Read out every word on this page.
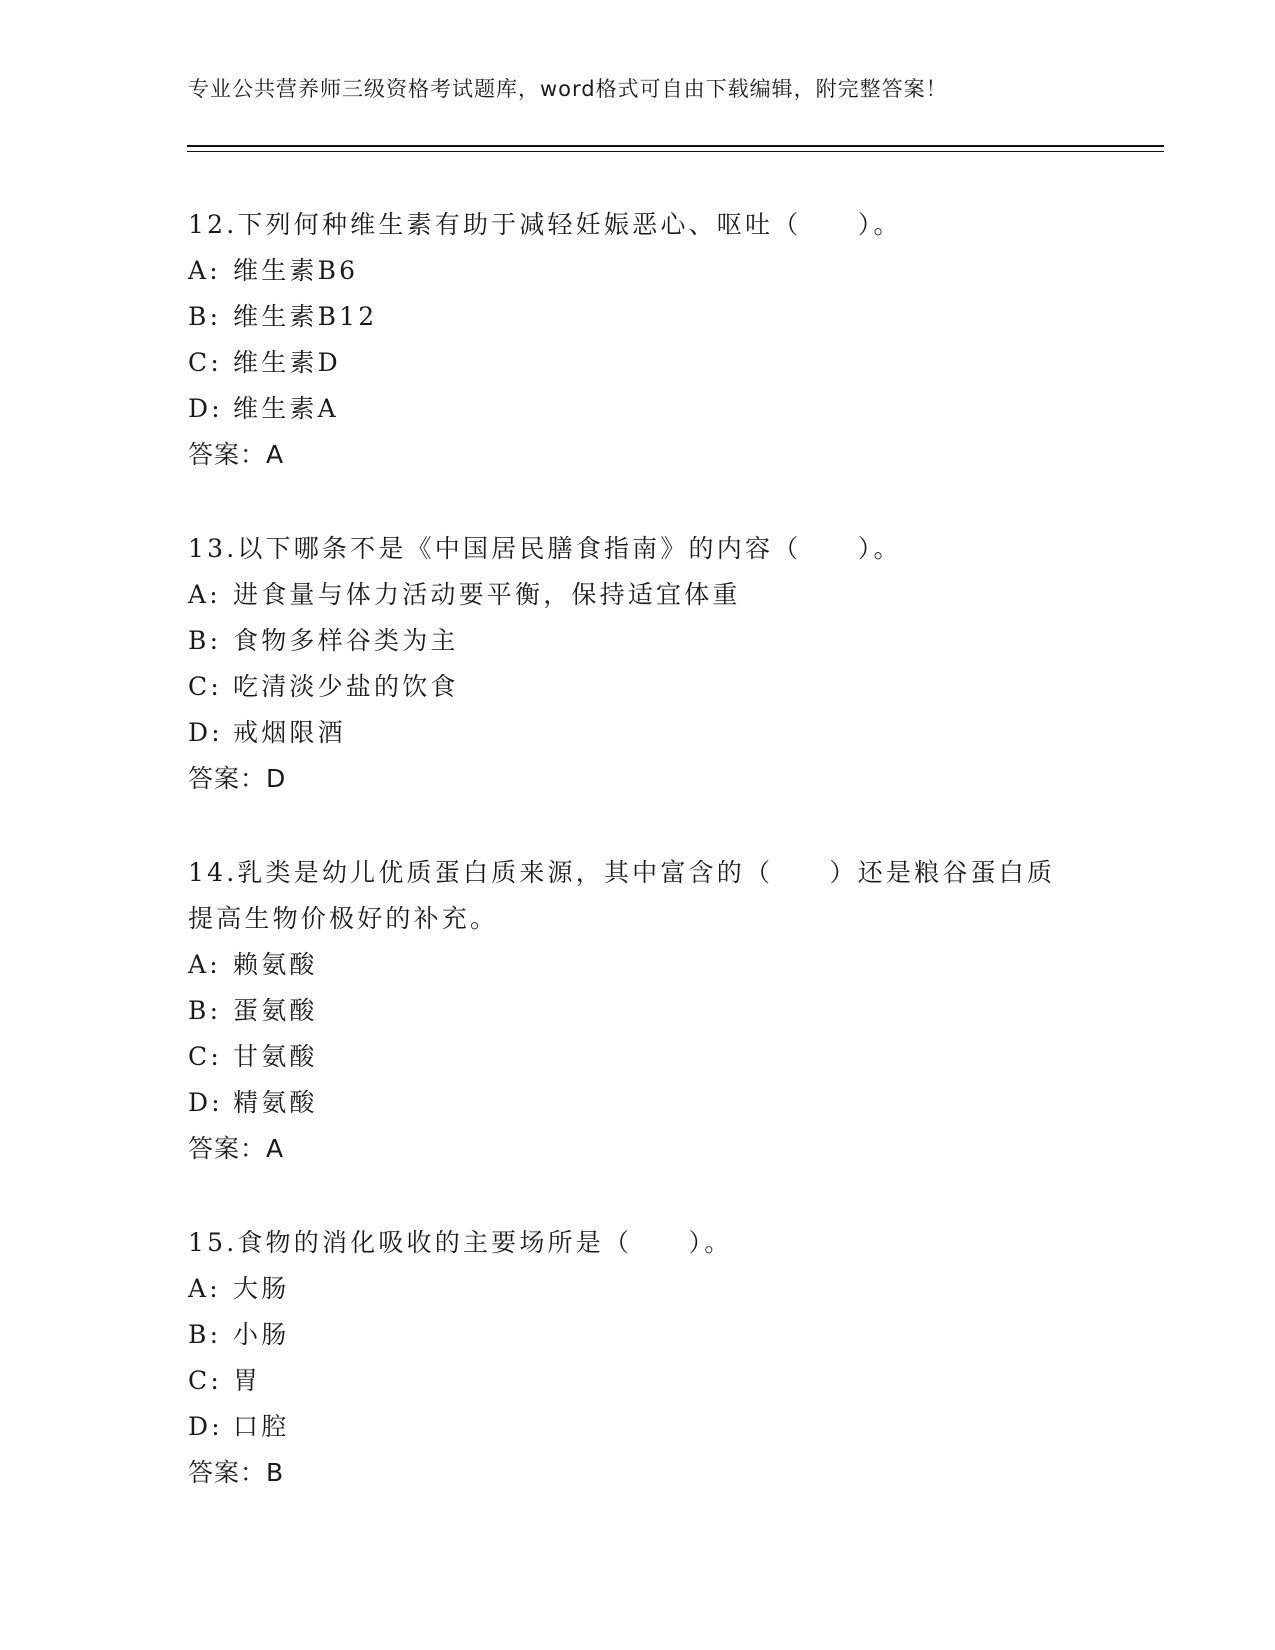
专业公共营养师三级资格考试题库，word格式可自由下载编辑，附完整答案！
12.下列何种维生素有助于减轻妊娠恶心、呕吐（　　）。
A: 维生素B6
B: 维生素B12
C: 维生素D
D: 维生素A
答案：A
13.以下哪条不是《中国居民膳食指南》的内容（　　）。
A: 进食量与体力活动要平衡，保持适宜体重
B: 食物多样谷类为主
C: 吃清淡少盐的饮食
D: 戒烟限酒
答案：D
14.乳类是幼儿优质蛋白质来源，其中富含的（　　）还是粮谷蛋白质
提高生物价极好的补充。
A: 赖氨酸
B: 蛋氨酸
C: 甘氨酸
D: 精氨酸
答案：A
15.食物的消化吸收的主要场所是（　　）。
A: 大肠
B: 小肠
C: 胃
D: 口腔
答案：B
